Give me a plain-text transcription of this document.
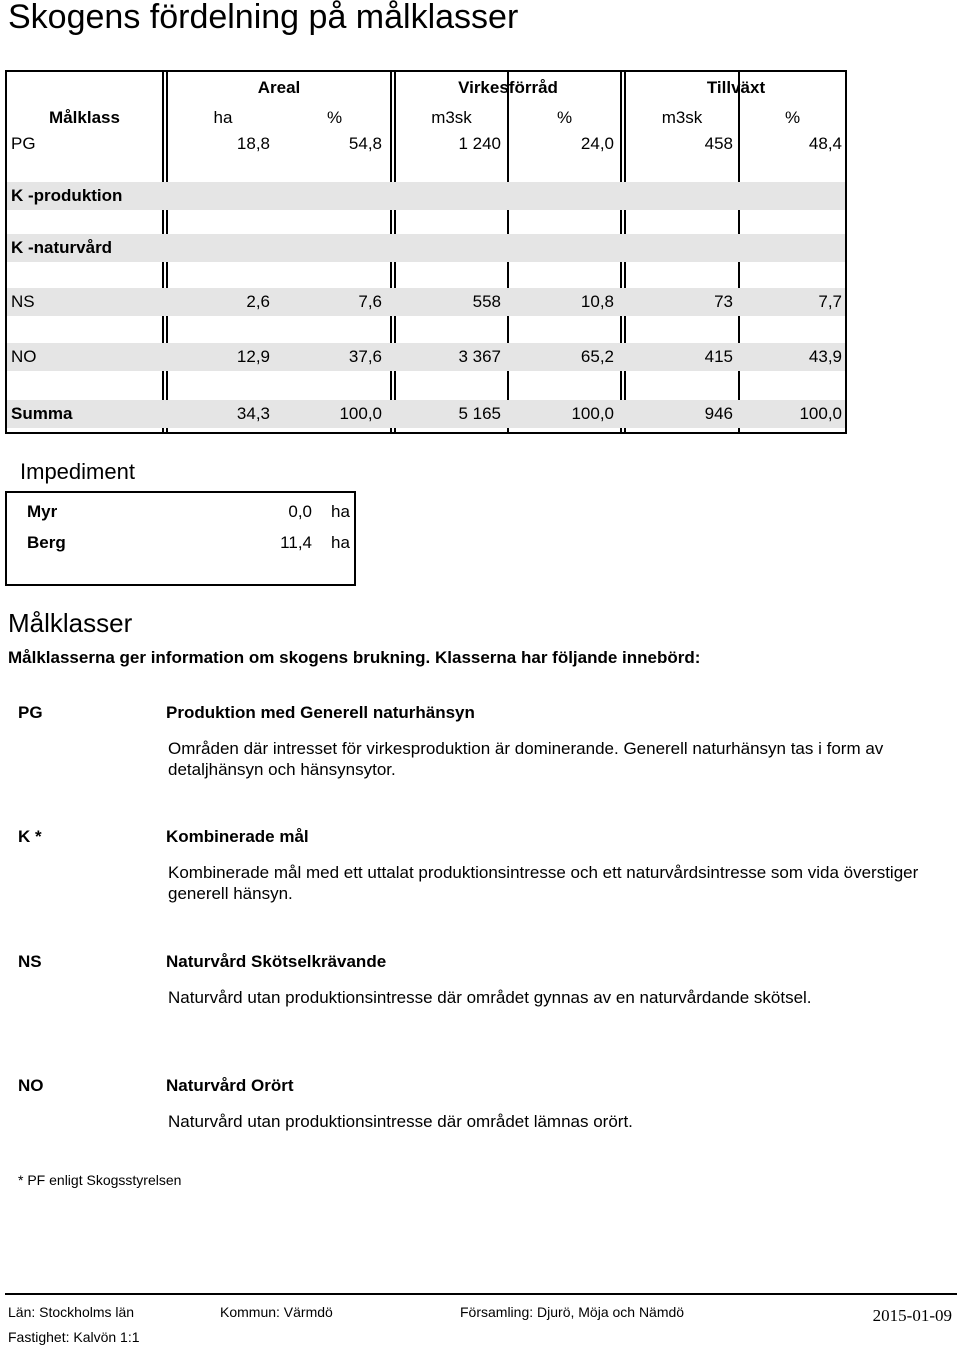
Skogens fördelning på målklasser
Areal	Virkesförråd	Tillväxt
Målklass	ha	%	m3sk	%	m3sk	%
PG	18,8	54,8	1 240	24,0	458	48,4
K -produktion
K -naturvård
NS	2,6	7,6	558	10,8	73	7,7
NO	12,9	37,6	3 367	65,2	415	43,9
Summa	34,3	100,0	5 165	100,0	946	100,0
Impediment
Myr	0,0 ha
Berg	11,4 ha
Målklasser
Målklasserna ger information om skogens brukning. Klasserna har följande innebörd:
PG	Produktion med Generell naturhänsyn
Områden där intresset för virkesproduktion är dominerande. Generell naturhänsyn tas i form av detaljhänsyn och hänsynsytor.
K *	Kombinerade mål
Kombinerade mål med ett uttalat produktionsintresse och ett naturvårdsintresse som vida överstiger generell hänsyn.
NS	Naturvård Skötselkrävande
Naturvård utan produktionsintresse där området gynnas av en naturvårdande skötsel.
NO	Naturvård Orört
Naturvård utan produktionsintresse där området lämnas orört.
* PF enligt Skogsstyrelsen
Län: Stockholms län	Kommun: Värmdö	Församling: Djurö, Möja och Nämdö	2015-01-09
Fastighet: Kalvön 1:1
